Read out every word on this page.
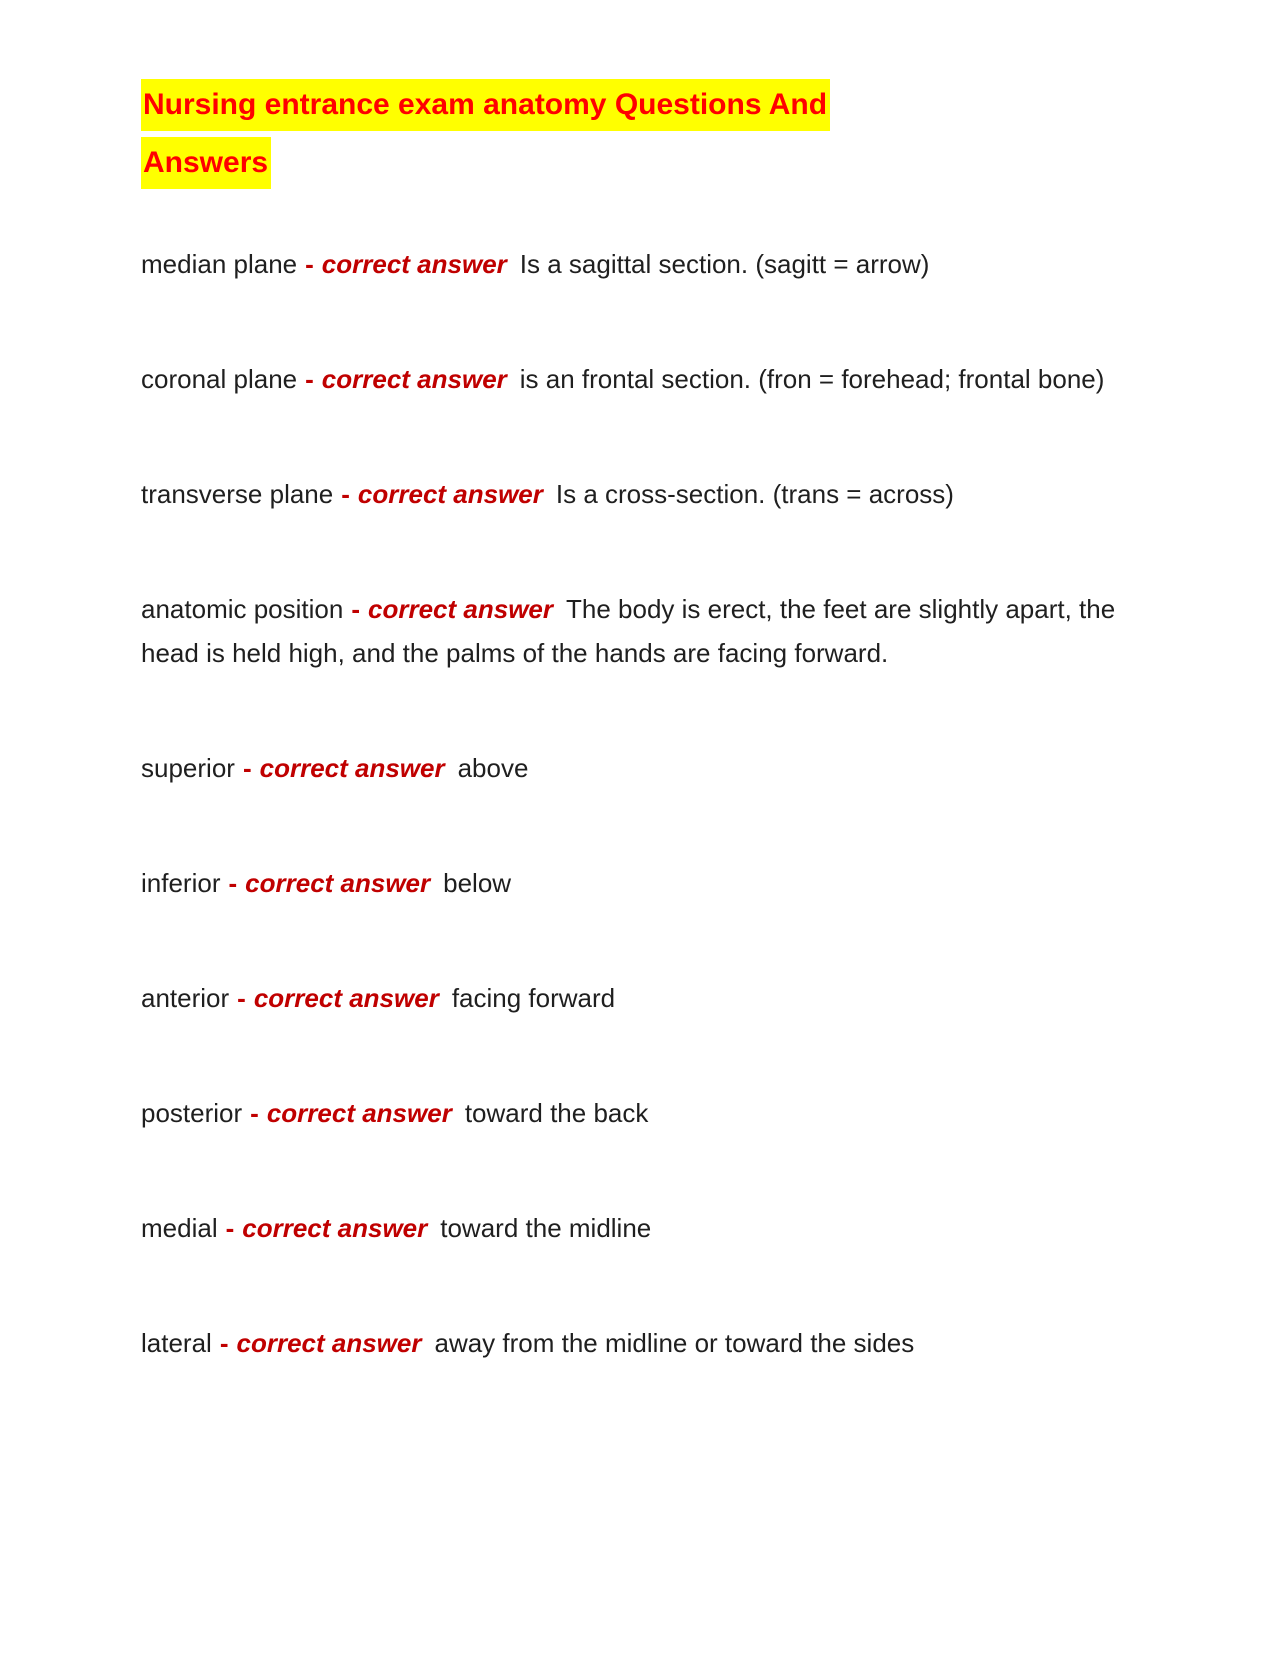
Nursing entrance exam anatomy Questions And Answers

median plane - correct answer Is a sagittal section. (sagitt = arrow)

coronal plane - correct answer is an frontal section. (fron = forehead; frontal bone)

transverse plane - correct answer Is a cross-section. (trans = across)

anatomic position - correct answer The body is erect, the feet are slightly apart, the head is held high, and the palms of the hands are facing forward.

superior - correct answer above

inferior - correct answer below

anterior - correct answer facing forward

posterior - correct answer toward the back

medial - correct answer toward the midline

lateral - correct answer away from the midline or toward the sides
